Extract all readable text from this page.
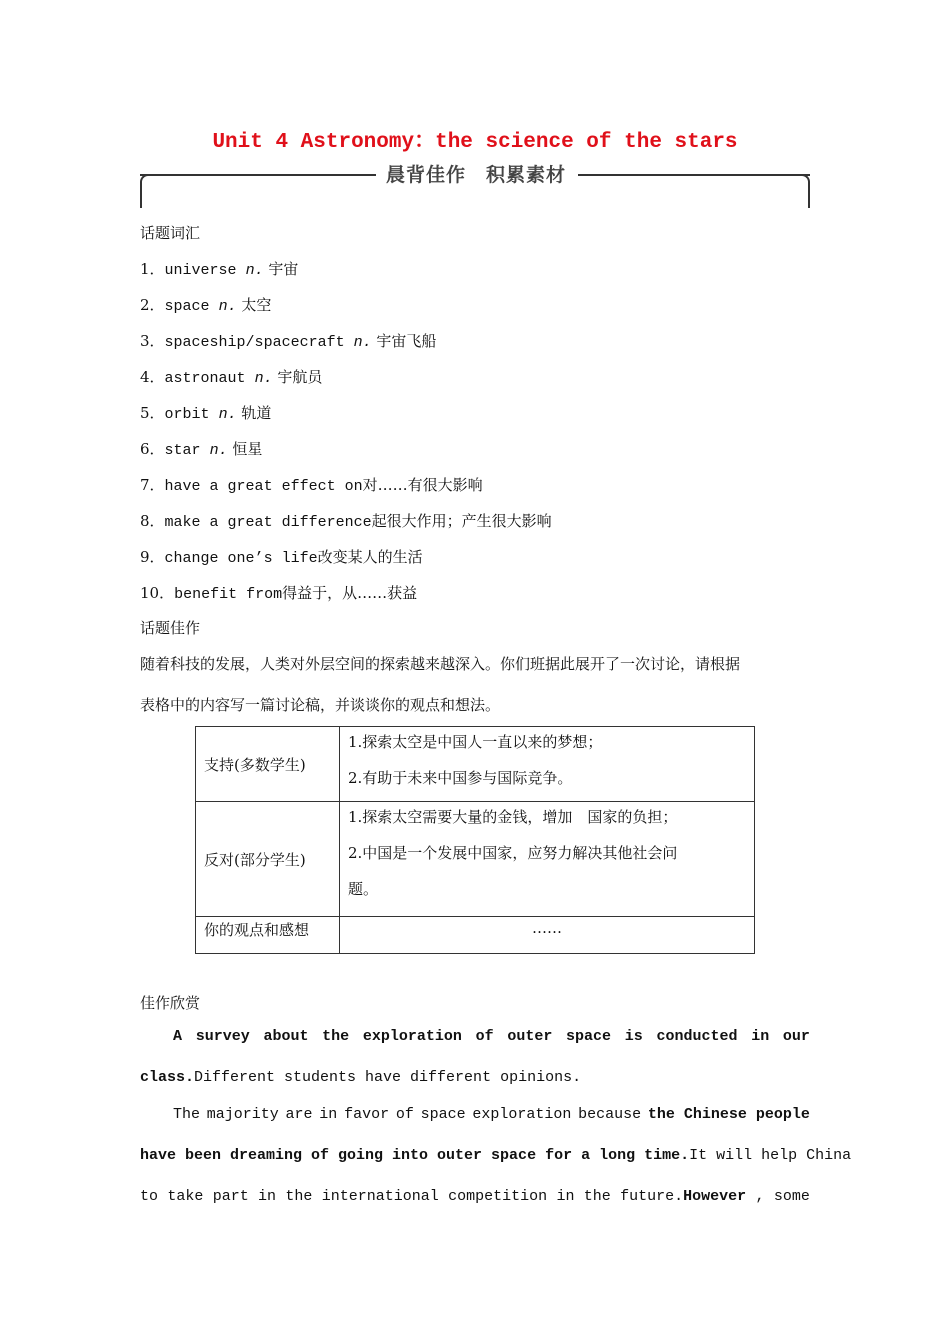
Unit 4 Astronomy：the science of the stars
晨背佳作　积累素材
话题词汇
1．universe n. 宇宙
2．space n. 太空
3．spaceship/spacecraft n. 宇宙飞船
4．astronaut n. 宇航员
5．orbit n. 轨道
6．star n. 恒星
7．have a great effect on对……有很大影响
8．make a great difference起很大作用；产生很大影响
9．change one’s life改变某人的生活
10．benefit from得益于，从……获益
话题佳作
随着科技的发展，人类对外层空间的探索越来越深入。你们班据此展开了一次讨论，请根据
表格中的内容写一篇讨论稿，并谈谈你的观点和想法。
支持(多数学生)	1.探索太空是中国人一直以来的梦想；
2.有助于未来中国参与国际竞争。

反对(部分学生)	1.探索太空需要大量的金钱，增加　国家的负担；
2.中国是一个发展中国家，应努力解决其他社会问
题。

你的观点和感想	……
佳作欣赏
A survey about the exploration of outer space is conducted in our
class.Different students have different opinions.
The majority are in favor of space exploration because the Chinese people
have been dreaming of going into outer space for a long time. It will help China
to take part in the international competition in the future.However , some
